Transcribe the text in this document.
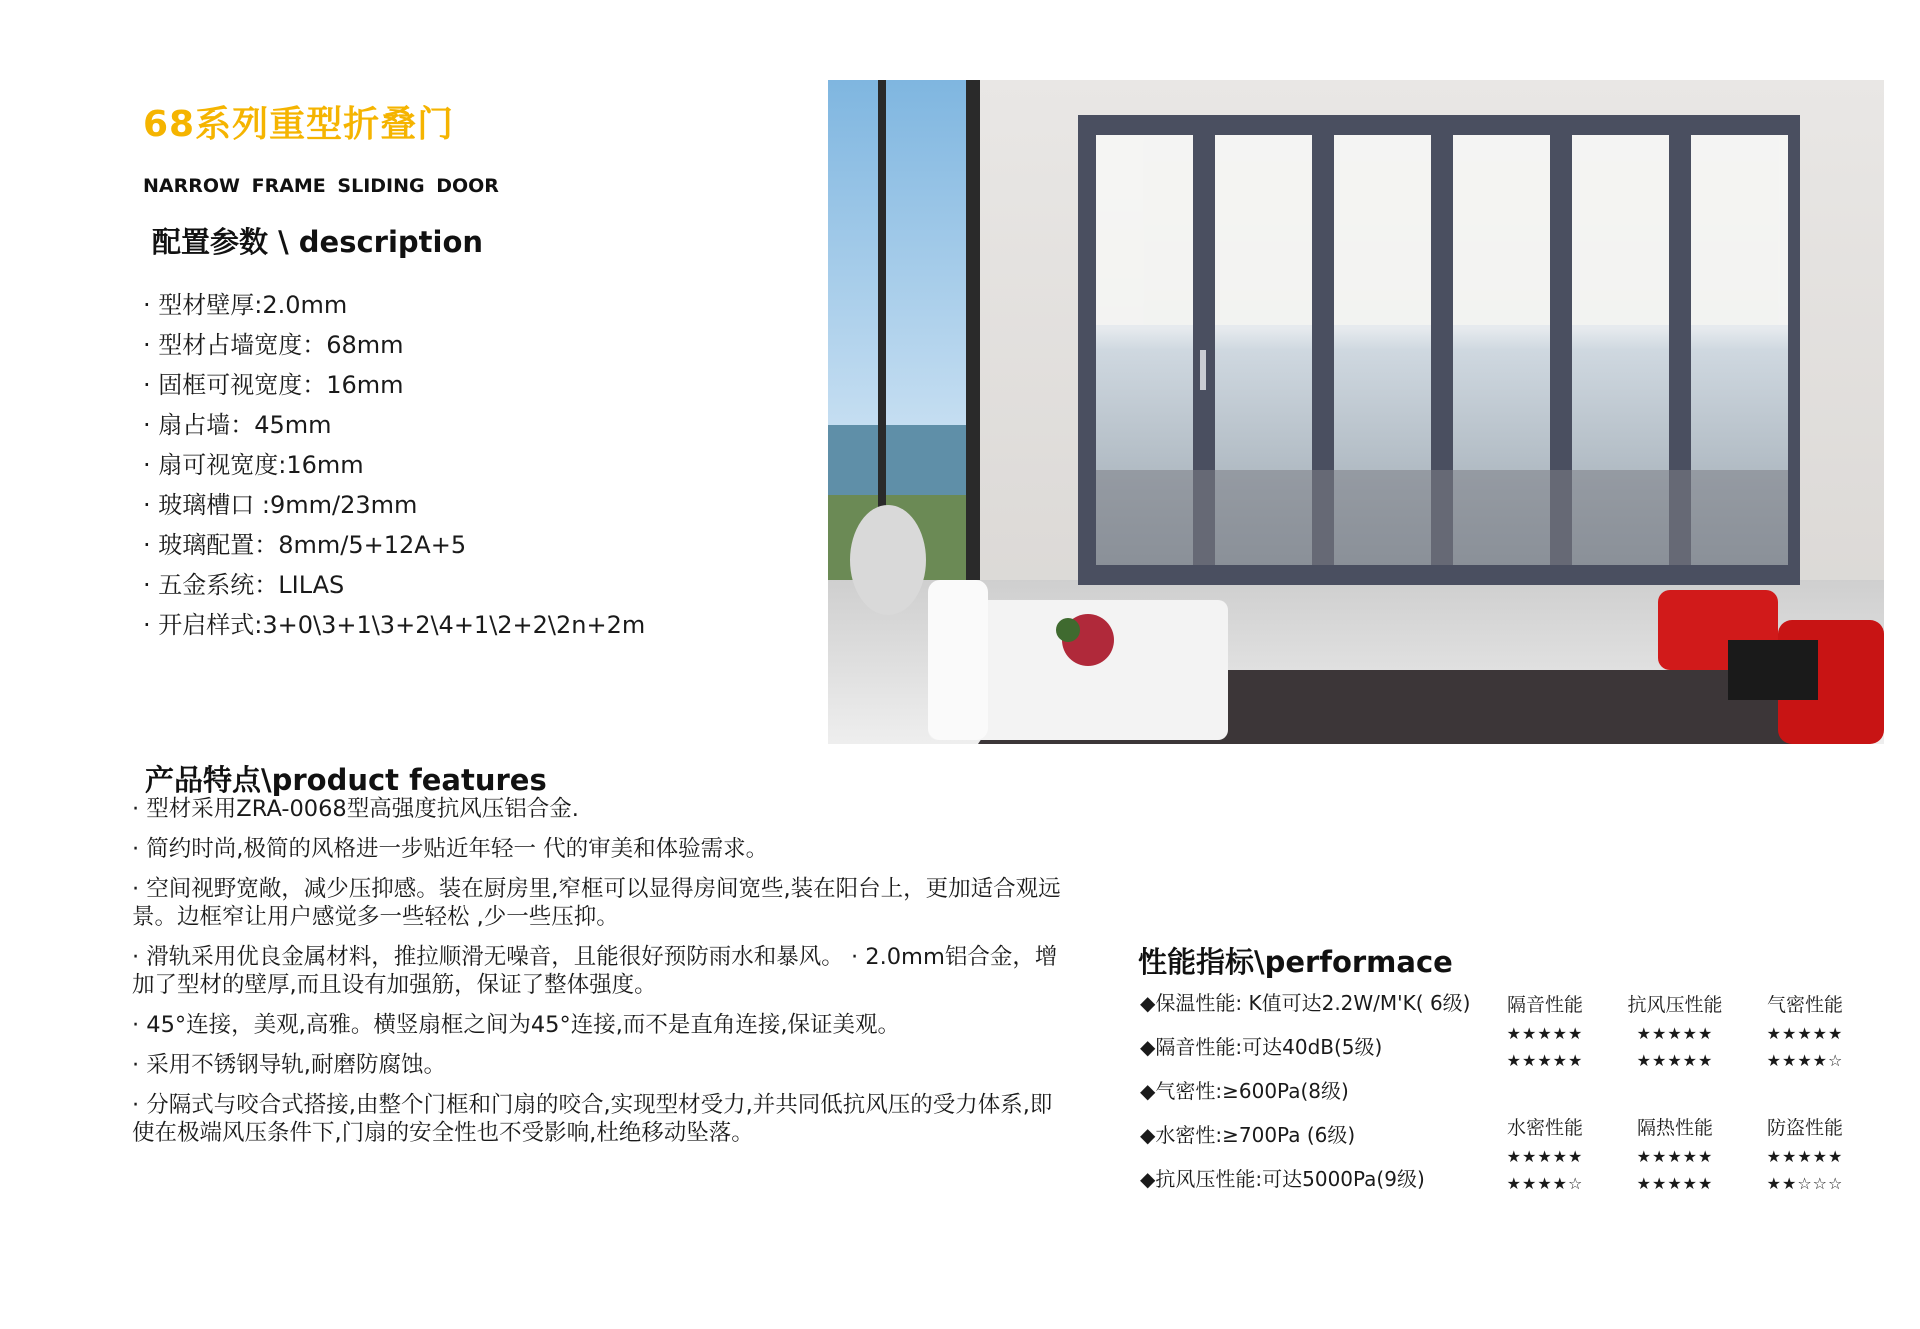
68系列重型折叠门
NARROW FRAME SLIDING DOOR
配置参数 \ description
· 型材壁厚:2.0mm
· 型材占墙宽度：68mm
· 固框可视宽度：16mm
· 扇占墙：45mm
· 扇可视宽度:16mm
· 玻璃槽口 :9mm/23mm
· 玻璃配置：8mm/5+12A+5
· 五金系统：LILAS
· 开启样式:3+0\3+1\3+2\4+1\2+2\2n+2m
产品特点\product features
· 型材采用ZRA-0068型高强度抗风压铝合金.
· 简约时尚,极简的风格进一步贴近年轻一 代的审美和体验需求。
· 空间视野宽敞，减少压抑感。装在厨房里,窄框可以显得房间宽些,装在阳台上，更加适合观远景。边框窄让用户感觉多一些轻松 ,少一些压抑。
· 滑轨采用优良金属材料，推拉顺滑无噪音，且能很好预防雨水和暴风。 · 2.0mm铝合金，增加了型材的壁厚,而且设有加强筋，保证了整体强度。
· 45°连接，美观,高雅。横竖扇框之间为45°连接,而不是直角连接,保证美观。
· 采用不锈钢导轨,耐磨防腐蚀。
· 分隔式与咬合式搭接,由整个门框和门扇的咬合,实现型材受力,并共同低抗风压的受力体系,即使在极端风压条件下,门扇的安全性也不受影响,杜绝移动坠落。
性能指标\performace
◆保温性能: K值可达2.2W/M'K( 6级)
◆隔音性能:可达40dB(5级)
◆气密性:≥600Pa(8级)
◆水密性:≥700Pa (6级)
◆抗风压性能:可达5000Pa(9级)
隔音性能	抗风压性能	气密性能
★★★★★	★★★★★	★★★★★
★★★★★	★★★★★	★★★★☆
水密性能	隔热性能	防盗性能
★★★★★	★★★★★	★★★★★
★★★★☆	★★★★★	★★☆☆☆
